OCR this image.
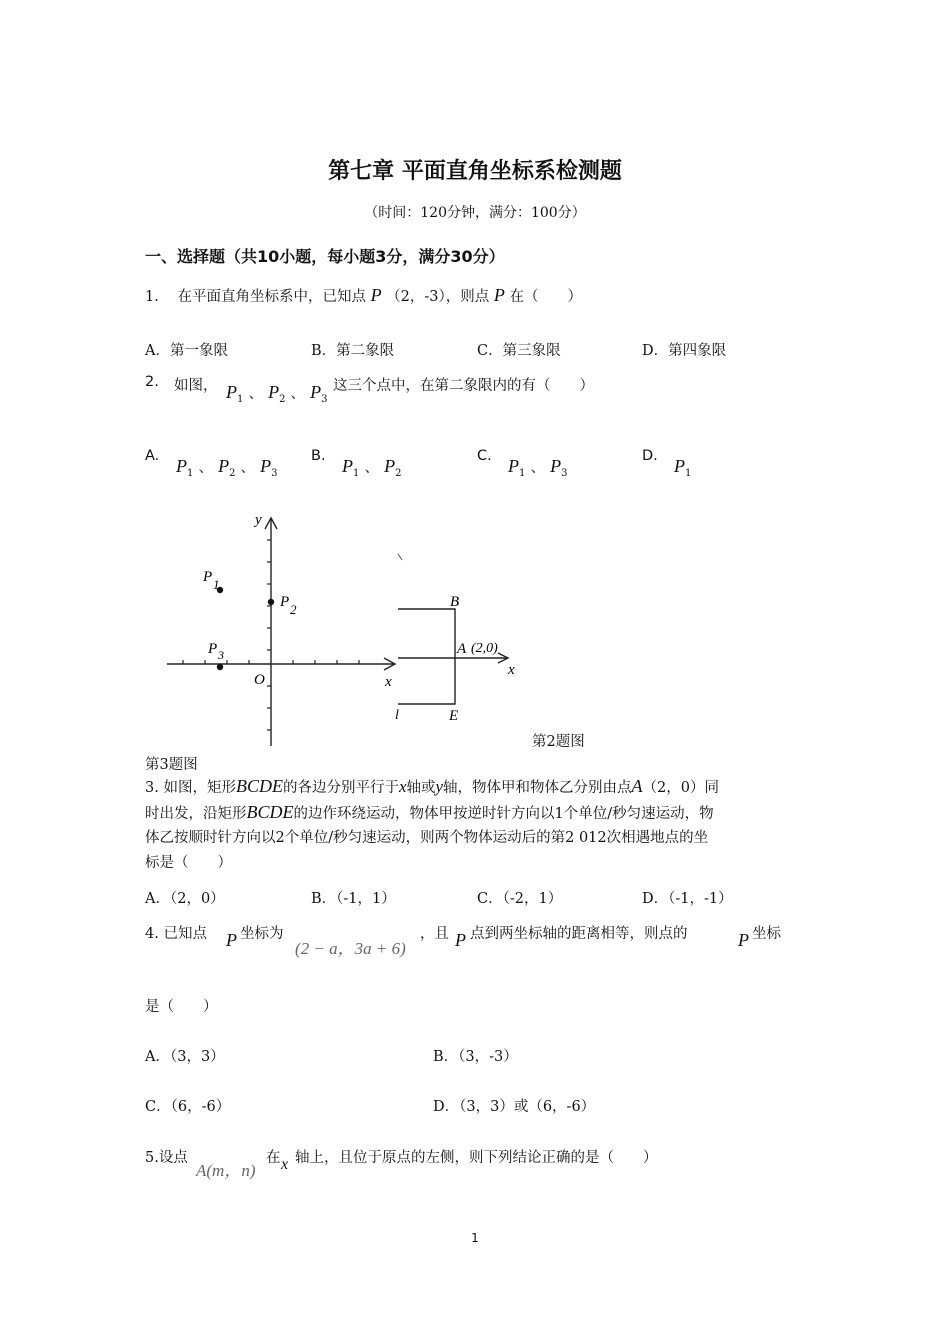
第七章 平面直角坐标系检测题
（时间：120分钟，满分：100分）
一、选择题（共10小题，每小题3分，满分30分）
1. 在平面直角坐标系中，已知点 P （2，-3），则点 P 在（　　）
A．第一象限	B．第二象限	C．第三象限	D．第四象限
2. 如图， $P_1$ 、 $P_2$ 、 $P_3$
这三个点中，在第二象限内的有（　　）
A. $P_1$ 、 $P_2$ 、 $P_3$
B. $P_1$ 、 $P_2$
C. $P_1$ 、 $P_3$
D. $P_1$
y
x
O
P 1
P 2
P 3
B
A (2,0)
x
E
l
第2题图
第3题图
3. 如图，矩形BCDE的各边分别平行于x轴或y轴，物体甲和物体乙分别由点A（2，0）同
时出发，沿矩形BCDE的边作环绕运动，物体甲按逆时针方向以1个单位/秒匀速运动，物
体乙按顺时针方向以2个单位/秒匀速运动，则两个物体运动后的第2 012次相遇地点的坐
标是（　　）
A．（2，0）	B．（-1，1）	C．（-2，1）	D．（-1，-1）
4. 已知点 P 坐标为
(2 − a，3a + 6)
，且 P 点到两坐标轴的距离相等，则点的	P 坐标
是（　　）
A．（3，3）	B．（3，-3）
C．（6，-6）	D．（3，3）或（6，-6）
5.设点
A(m，n)
在 x 轴上，且位于原点的左侧，则下列结论正确的是（　　）
1
